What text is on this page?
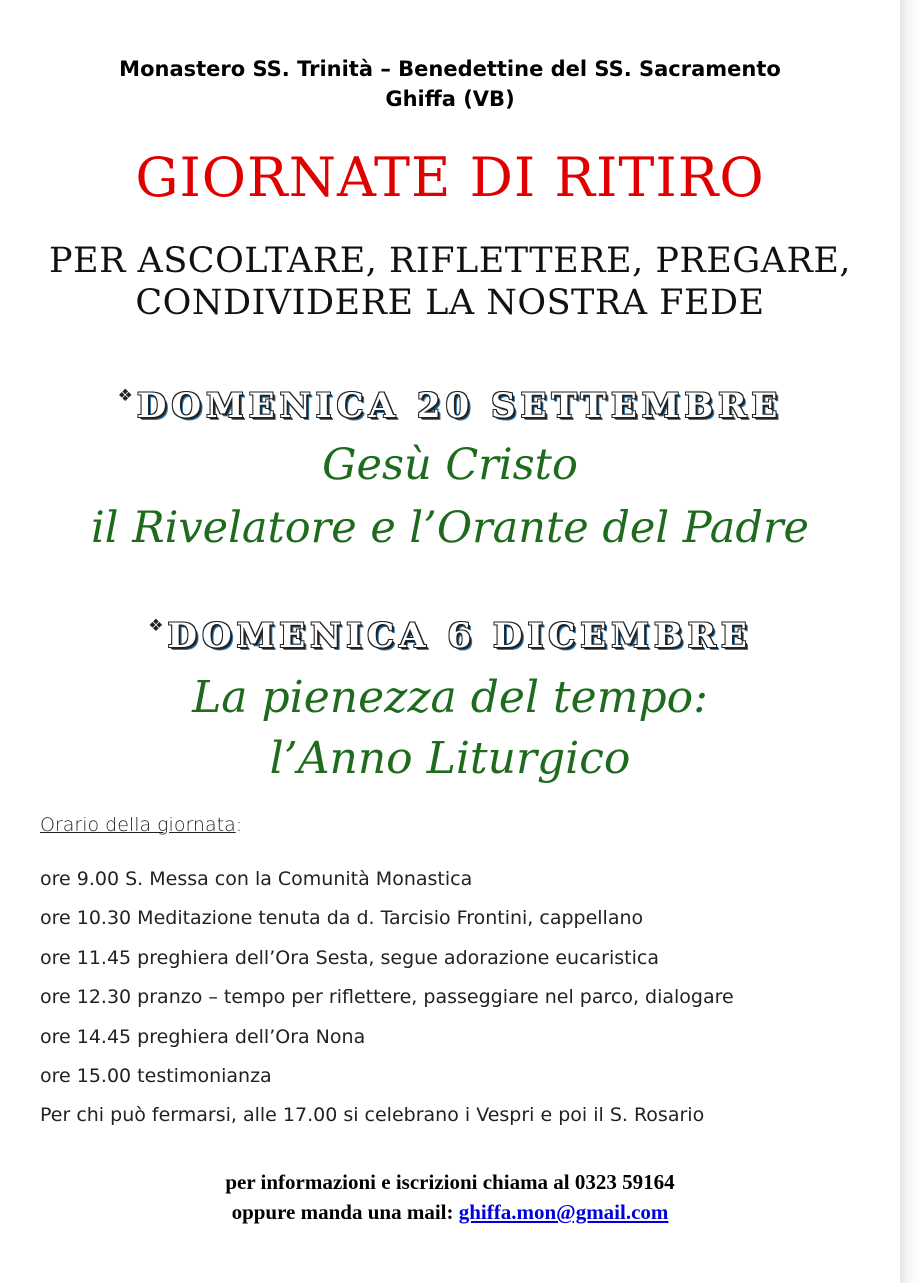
Monastero SS. Trinità – Benedettine del SS. Sacramento
Ghiffa (VB)
GIORNATE DI RITIRO
PER ASCOLTARE, RIFLETTERE, PREGARE,
CONDIVIDERE LA NOSTRA FEDE
❖ DOMENICA 20 SETTEMBRE
Gesù Cristo
il Rivelatore e l’Orante del Padre
❖ DOMENICA 6 DICEMBRE
La pienezza del tempo:
l’Anno Liturgico
Orario della giornata:
ore 9.00 S. Messa con la Comunità Monastica
ore 10.30 Meditazione tenuta da d. Tarcisio Frontini, cappellano
ore 11.45 preghiera dell’Ora Sesta, segue adorazione eucaristica
ore 12.30 pranzo – tempo per riflettere, passeggiare nel parco, dialogare
ore 14.45 preghiera dell’Ora Nona
ore 15.00 testimonianza
Per chi può fermarsi, alle 17.00 si celebrano i Vespri e poi il S. Rosario
per informazioni e iscrizioni chiama al 0323 59164
oppure manda una mail: ghiffa.mon@gmail.com
